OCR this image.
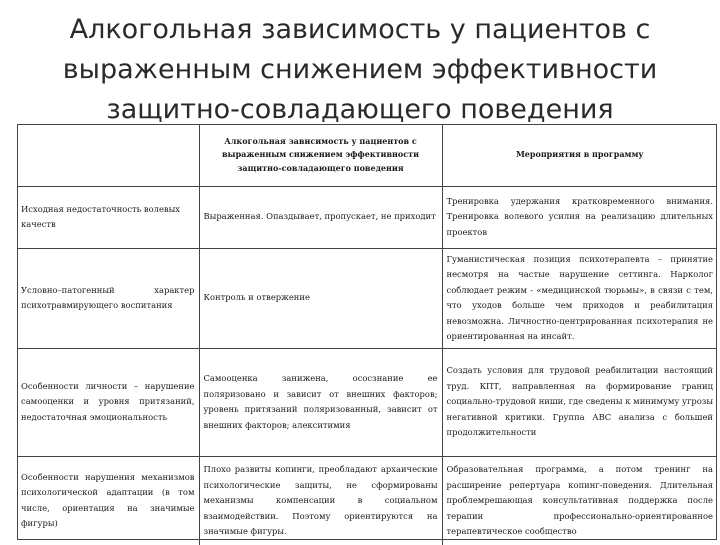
Алкогольная зависимость у пациентов с
выраженным снижением эффективности
защитно-совладающего поведения
	Алкогольная зависимость у пациентов с выраженным снижением эффективности защитно-совладающего поведения	Мероприятия в программу
Исходная недостаточность волевых качеств	Выраженная. Опаздывает, пропускает, не приходит	Тренировка удержания кратковременного внимания. Тренировка волевого усилия на реализацию длительных проектов
Условно–патогенный характер психотравмирующего воспитания	Контроль и отвержение	Гуманистическая позиция психотерапевта – принятие несмотря на частые нарушение сеттинга. Нарколог соблюдает режим - «медицинской тюрьмы», в связи с тем, что уходов больше чем приходов и реабилитация невозможна. Личностно-центрированная психотерапия не ориентированная на инсайт.
Особенности личности – нарушение самооценки и уровня притязаний, недостаточная эмоциональность	Самооценка занижена, ососзнание ее поляризовано и зависит от внешних факторов; уровень притязаний поляризованный, зависит от внешних факторов; алекситимия	Создать условия для трудовой реабилитации настоящий труд. КПТ, направленная на формирование границ социально-трудовой ниши, где сведены к минимуму угрозы негативной критики. Группа АВС анализа с большей продолжительности
Особенности нарушения механизмов психологической адаптации (в том числе, ориентация на значимые фигуры)	Плохо развиты копинги, преобладают архаические психологические защиты, не сформированы механизмы компенсации в социальном взаимодействии. Поэтому ориентируются на значимые фигуры.	Образовательная программа, а потом тренинг на расширение репертуара копинг-поведения. Длительная проблемрешающая консультативная поддержка после терапии профессионально-ориентированное терапевтическое сообщество
